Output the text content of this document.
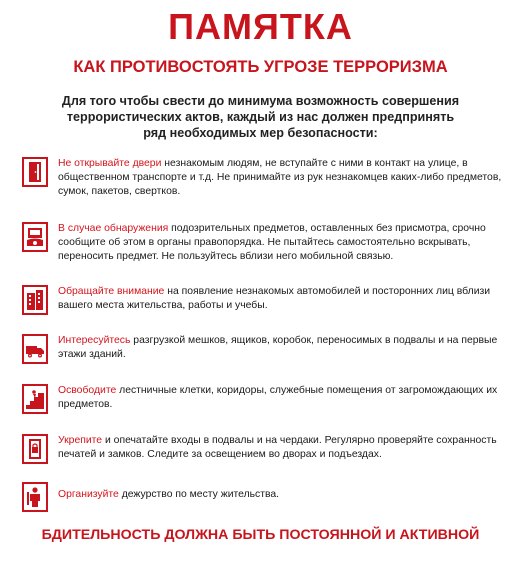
ПАМЯТКА
КАК ПРОТИВОСТОЯТЬ УГРОЗЕ ТЕРРОРИЗМА
Для того чтобы свести до минимума возможность совершения
террористических актов, каждый из нас должен предпринять
ряд необходимых мер безопасности:
Не открывайте двери незнакомым людям, не вступайте с ними в контакт на улице, в общественном транспорте и т.д. Не принимайте из рук незнакомцев каких-либо предметов, сумок, пакетов, свертков.
В случае обнаружения подозрительных предметов, оставленных без присмотра, срочно сообщите об этом в органы правопорядка. Не пытайтесь самостоятельно вскрывать, переносить предмет. Не пользуйтесь вблизи него мобильной связью.
Обращайте внимание на появление незнакомых автомобилей и посторонних лиц вблизи вашего места жительства, работы и учебы.
Интересуйтесь разгрузкой мешков, ящиков, коробок, переносимых в подвалы и на первые этажи зданий.
Освободите лестничные клетки, коридоры, служебные помещения от загромождающих их предметов.
Укрепите и опечатайте входы в подвалы и на чердаки. Регулярно проверяйте сохранность печатей и замков. Следите за освещением во дворах и подъездах.
Организуйте дежурство по месту жительства.
БДИТЕЛЬНОСТЬ ДОЛЖНА БЫТЬ ПОСТОЯННОЙ И АКТИВНОЙ
